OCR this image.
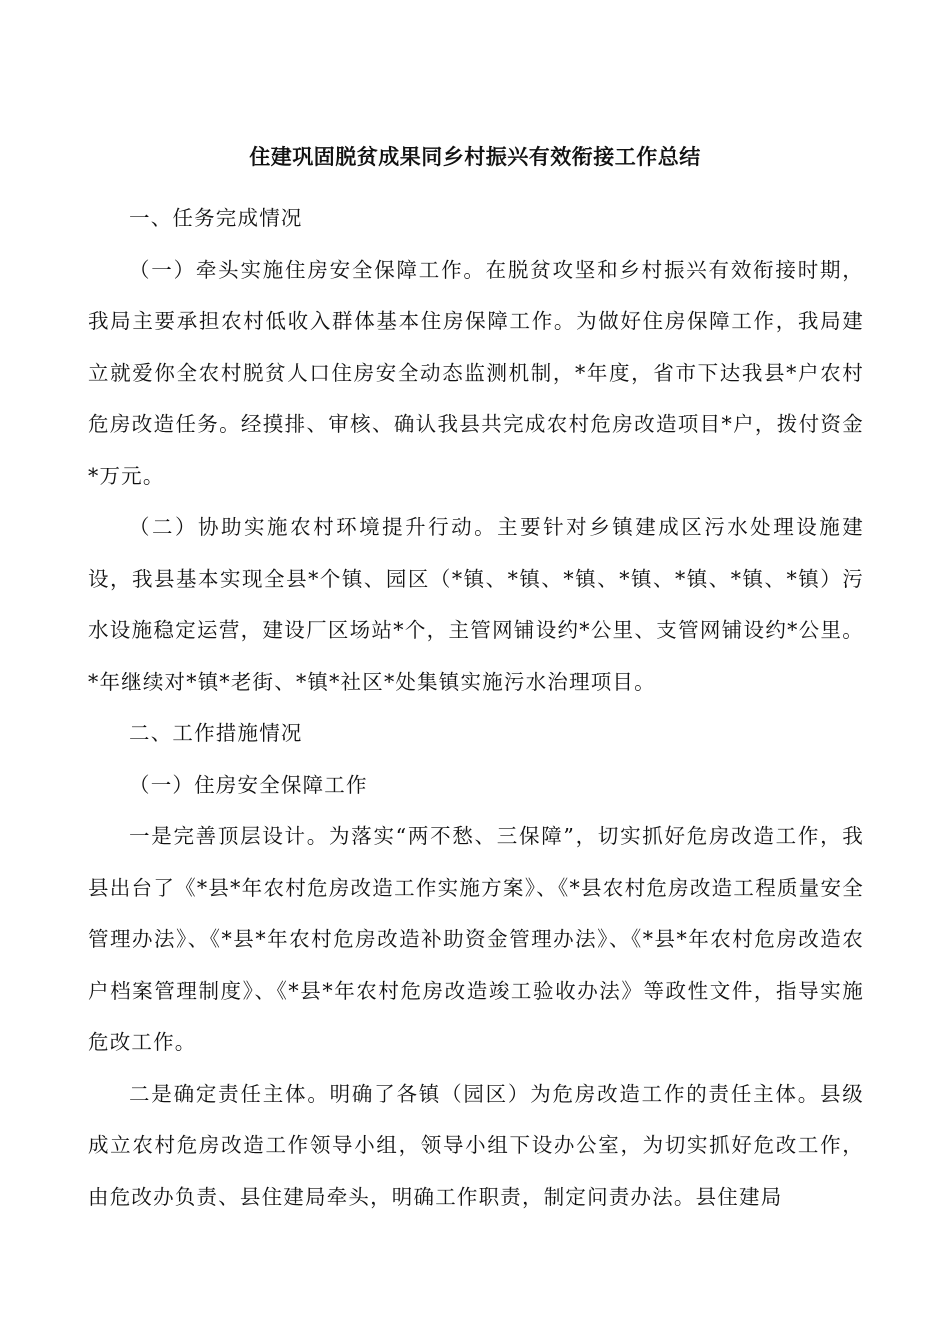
住建巩固脱贫成果同乡村振兴有效衔接工作总结

一、任务完成情况

（一）牵头实施住房安全保障工作。在脱贫攻坚和乡村振兴有效衔接时期，我局主要承担农村低收入群体基本住房保障工作。为做好住房保障工作，我局建立就爱你全农村脱贫人口住房安全动态监测机制，*年度，省市下达我县*户农村危房改造任务。经摸排、审核、确认我县共完成农村危房改造项目*户，拨付资金*万元。

（二）协助实施农村环境提升行动。主要针对乡镇建成区污水处理设施建设，我县基本实现全县*个镇、园区（*镇、*镇、*镇、*镇、*镇、*镇、*镇）污水设施稳定运营，建设厂区场站*个，主管网铺设约*公里、支管网铺设约*公里。*年继续对*镇*老街、*镇*社区*处集镇实施污水治理项目。

二、工作措施情况

（一）住房安全保障工作

一是完善顶层设计。为落实“两不愁、三保障”，切实抓好危房改造工作，我县出台了《*县*年农村危房改造工作实施方案》、《*县农村危房改造工程质量安全管理办法》、《*县*年农村危房改造补助资金管理办法》、《*县*年农村危房改造农户档案管理制度》、《*县*年农村危房改造竣工验收办法》等政性文件，指导实施危改工作。

二是确定责任主体。明确了各镇（园区）为危房改造工作的责任主体。县级成立农村危房改造工作领导小组，领导小组下设办公室，为切实抓好危改工作，由危改办负责、县住建局牵头，明确工作职责，制定问责办法。县住建局
